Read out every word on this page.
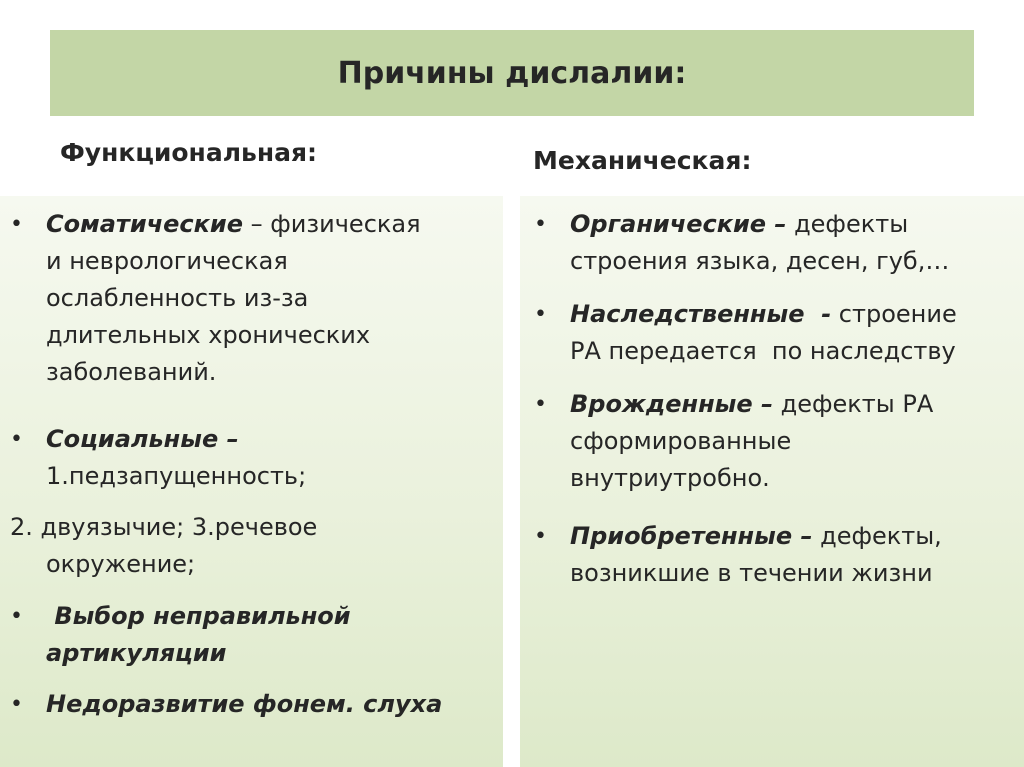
Причины дислалии:
Функциональная:	Механическая:
• Соматические – физическая
и неврологическая
ослабленность из-за
длительных хронических
заболеваний.
• Социальные –
1.педзапущенность;
2. двуязычие; 3.речевое
окружение;
• Выбор неправильной
артикуляции
• Недоразвитие фонем. слуха
• Органические – дефекты
строения языка, десен, губ,…
• Наследственные  - строение
РА передается  по наследству
• Врожденные – дефекты РА
сформированные
внутриутробно.
• Приобретенные – дефекты,
возникшие в течении жизни
